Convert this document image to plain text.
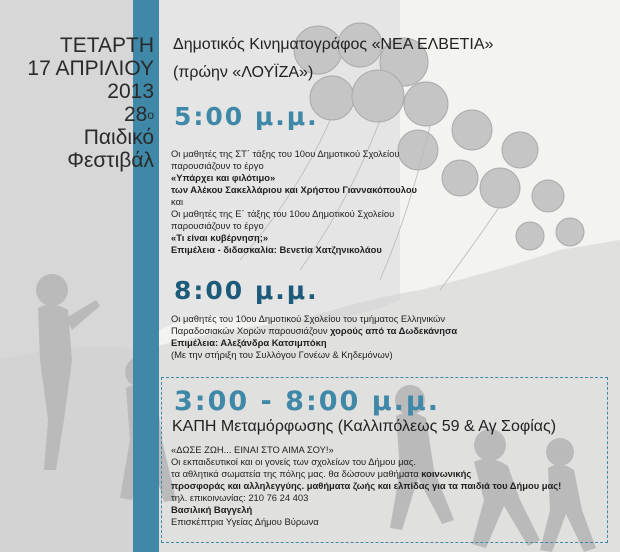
ΤΕΤΑΡΤΗ
17 ΑΠΡΙΛΙΟΥ
2013
$28^o$
Παιδικό
Φεστιβάλ
Δημοτικός Κινηματογράφος «ΝΕΑ ΕΛΒΕΤΙΑ»
(πρώην «ΛΟΥΪΖΑ»)
5:00 μ.μ.
Οι μαθητές της ΣΤ΄ τάξης του 10ου Δημοτικού Σχολείου
παρουσιάζουν το έργο
«Υπάρχει και φιλότιμο»
των Αλέκου Σακελλάριου και Χρήστου Γιαννακόπουλου
και
Οι μαθητές της Ε΄ τάξης του 10ου Δημοτικού Σχολείου
παρουσιάζουν το έργο
«Τι είναι κυβέρνηση;»
Επιμέλεια - διδασκαλία: Βενετία Χατζηνικολάου
8:00 μ.μ.
Οι μαθητές του 10ου Δημοτικού Σχολείου του τμήματος Ελληνικών
Παραδοσιακών Χορών παρουσιάζουν χορούς από τα Δωδεκάνησα
Επιμέλεια: Αλεξάνδρα Κατσιμπόκη
(Με την στήριξη του Συλλόγου Γονέων & Κηδεμόνων)
3:00 - 8:00 μ.μ.
ΚΑΠΗ Μεταμόρφωσης (Καλλιπόλεως 59 & Αγ Σοφίας)
«ΔΩΣΕ ΖΩΗ... ΕΙΝΑΙ ΣΤΟ ΑΙΜΑ ΣΟΥ!»
Οι εκπαιδευτικοί και οι γονείς των σχολείων του Δήμου μας.
τα αθλητικά σωματεία της πόλης μας. θα δώσουν μαθήματα κοινωνικής
προσφοράς και αλληλεγγύης. μαθήματα ζωής και ελπίδας για τα παιδιά του Δήμου μας!
τηλ. επικοινωνίας: 210 76 24 403
Βασιλική Βαγγελή
Επισκέπτρια Υγείας Δήμου Βύρωνα
